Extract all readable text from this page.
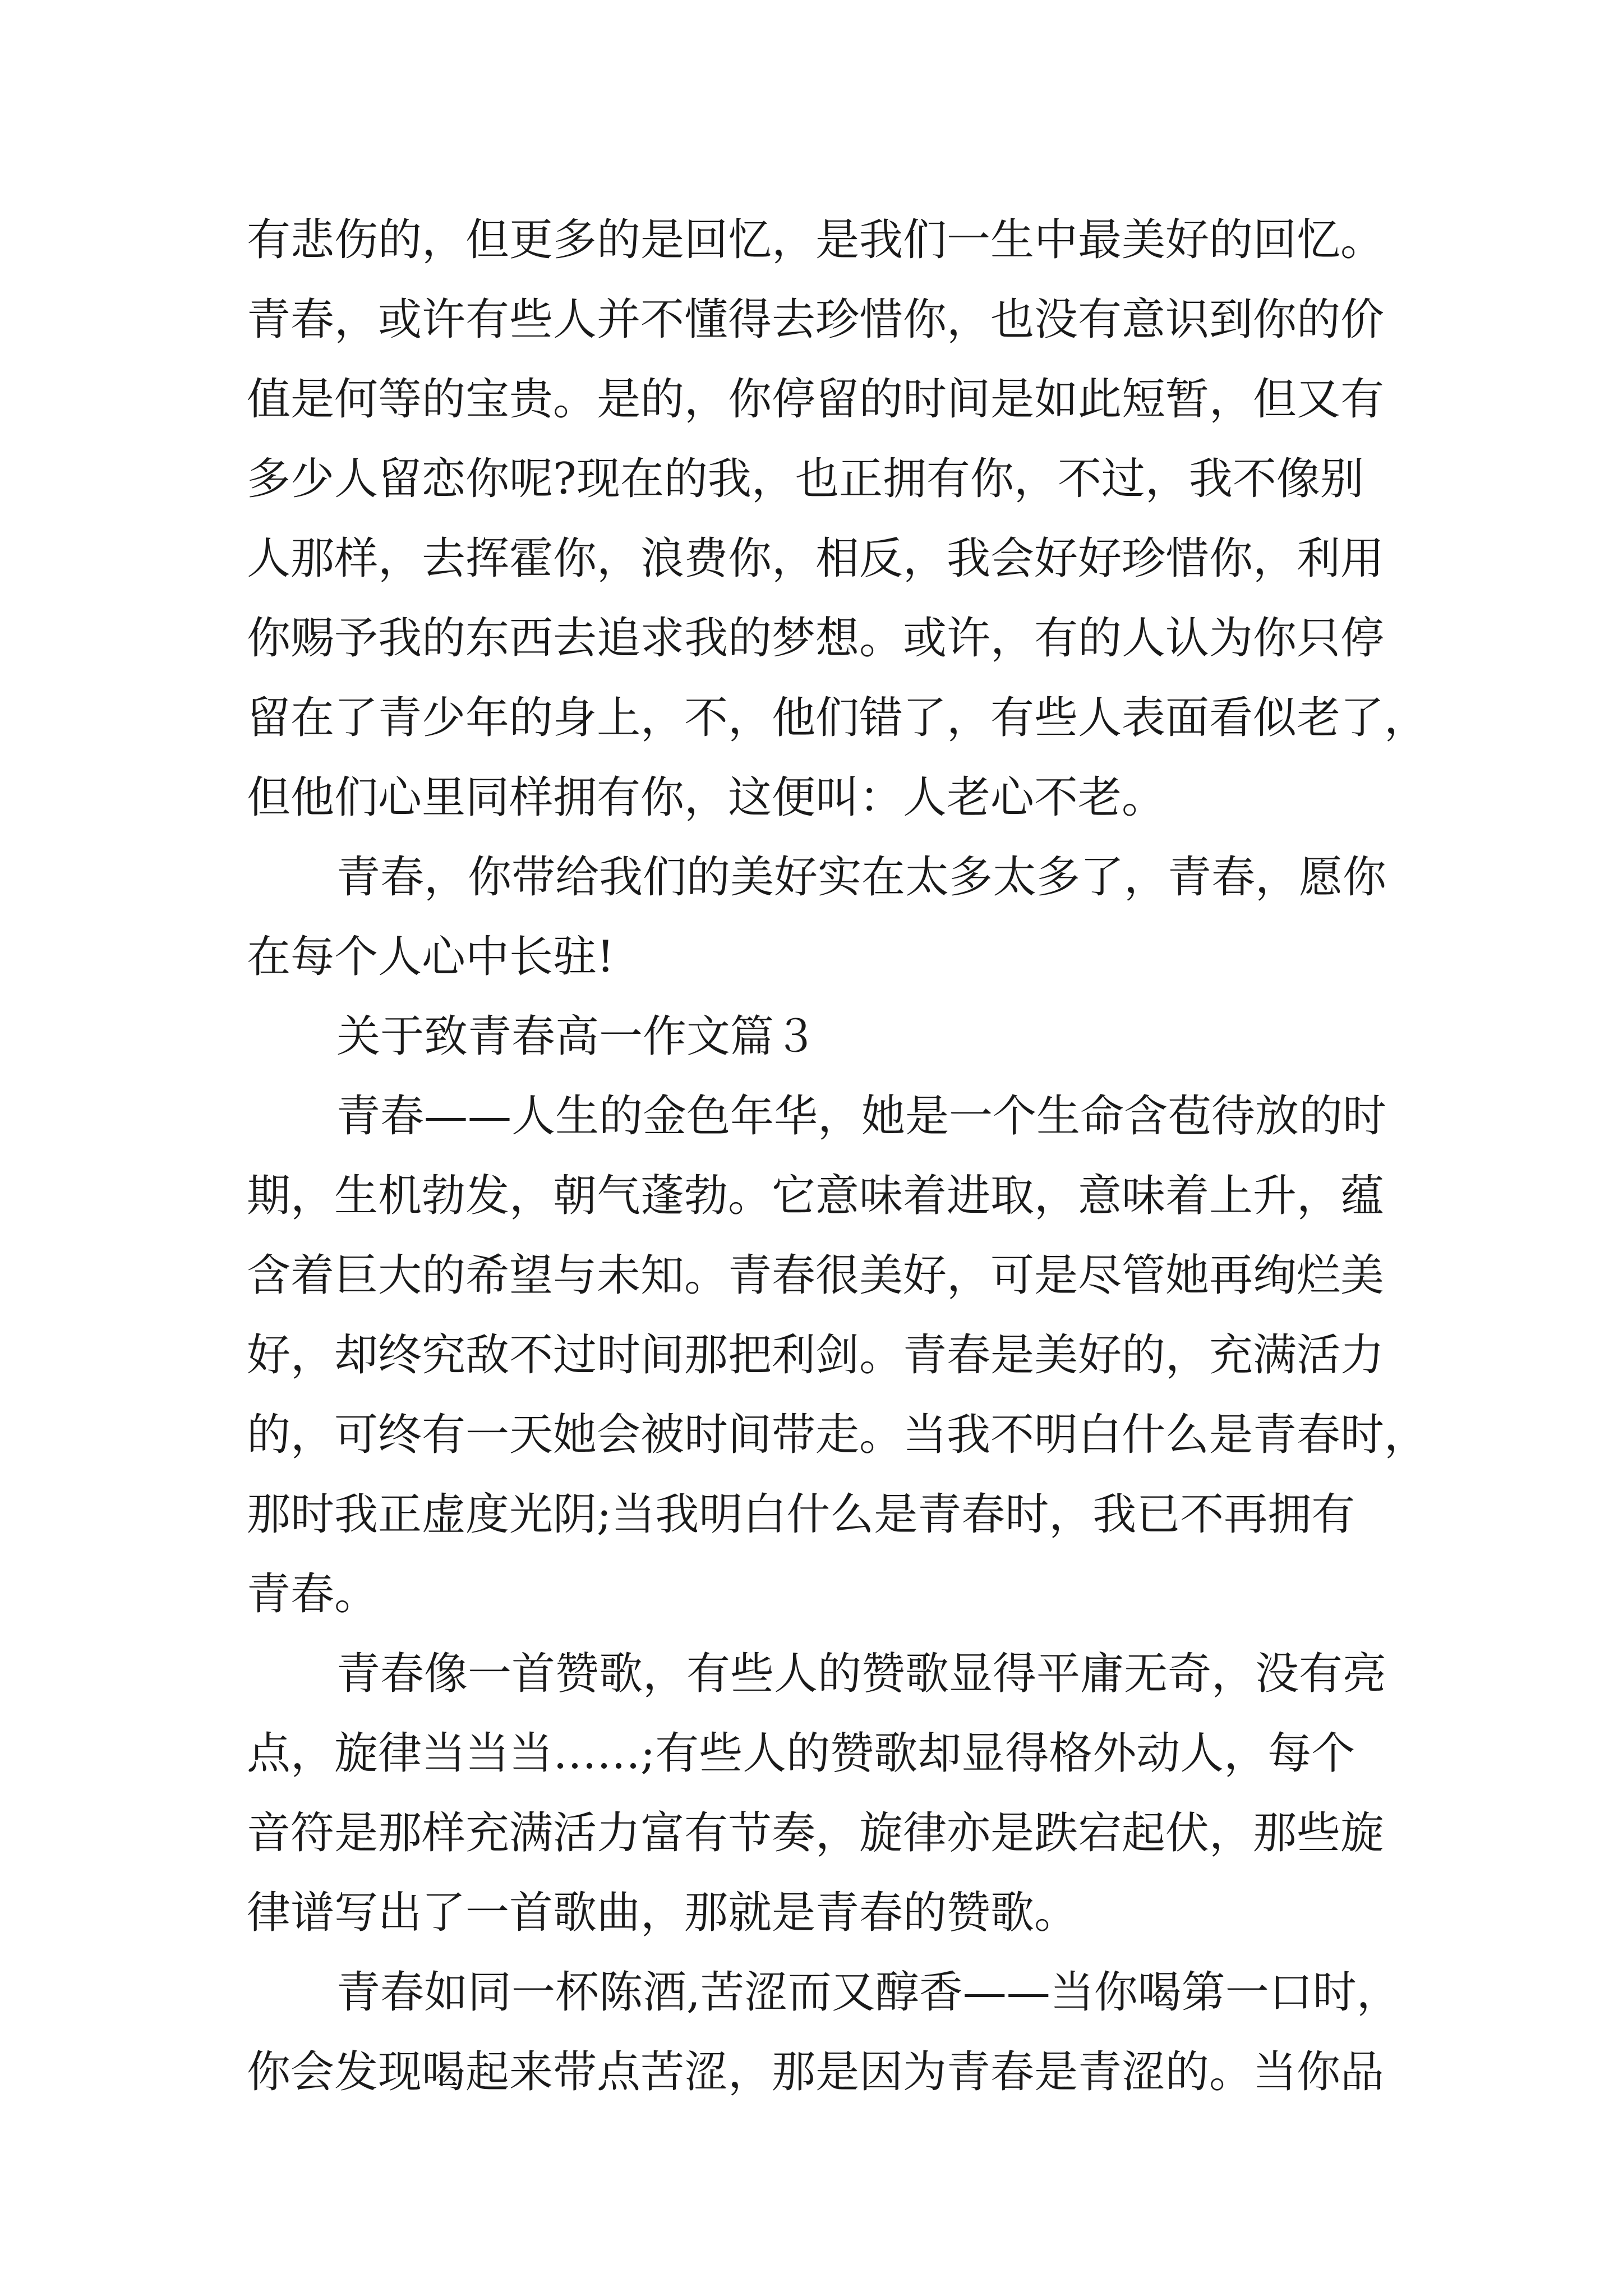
有悲伤的，但更多的是回忆，是我们一生中最美好的回忆。

青春，或许有些人并不懂得去珍惜你，也没有意识到你的价

值是何等的宝贵。是的，你停留的时间是如此短暂，但又有

多少人留恋你呢?现在的我，也正拥有你，不过，我不像别

人那样，去挥霍你，浪费你，相反，我会好好珍惜你，利用

你赐予我的东西去追求我的梦想。或许，有的人认为你只停

留在了青少年的身上，不，他们错了，有些人表面看似老了，

但他们心里同样拥有你，这便叫：人老心不老。

青春，你带给我们的美好实在太多太多了，青春，愿你

在每个人心中长驻!

关于致青春高一作文篇３

青春——人生的金色年华，她是一个生命含苞待放的时

期，生机勃发，朝气蓬勃。它意味着进取，意味着上升，蕴

含着巨大的希望与未知。青春很美好，可是尽管她再绚烂美

好，却终究敌不过时间那把利剑。青春是美好的，充满活力

的，可终有一天她会被时间带走。当我不明白什么是青春时，

那时我正虚度光阴;当我明白什么是青春时，我已不再拥有

青春。

青春像一首赞歌，有些人的赞歌显得平庸无奇，没有亮

点，旋律当当当……;有些人的赞歌却显得格外动人，每个

音符是那样充满活力富有节奏，旋律亦是跌宕起伏，那些旋

律谱写出了一首歌曲，那就是青春的赞歌。

青春如同一杯陈酒,苦涩而又醇香——当你喝第一口时，

你会发现喝起来带点苦涩，那是因为青春是青涩的。当你品
